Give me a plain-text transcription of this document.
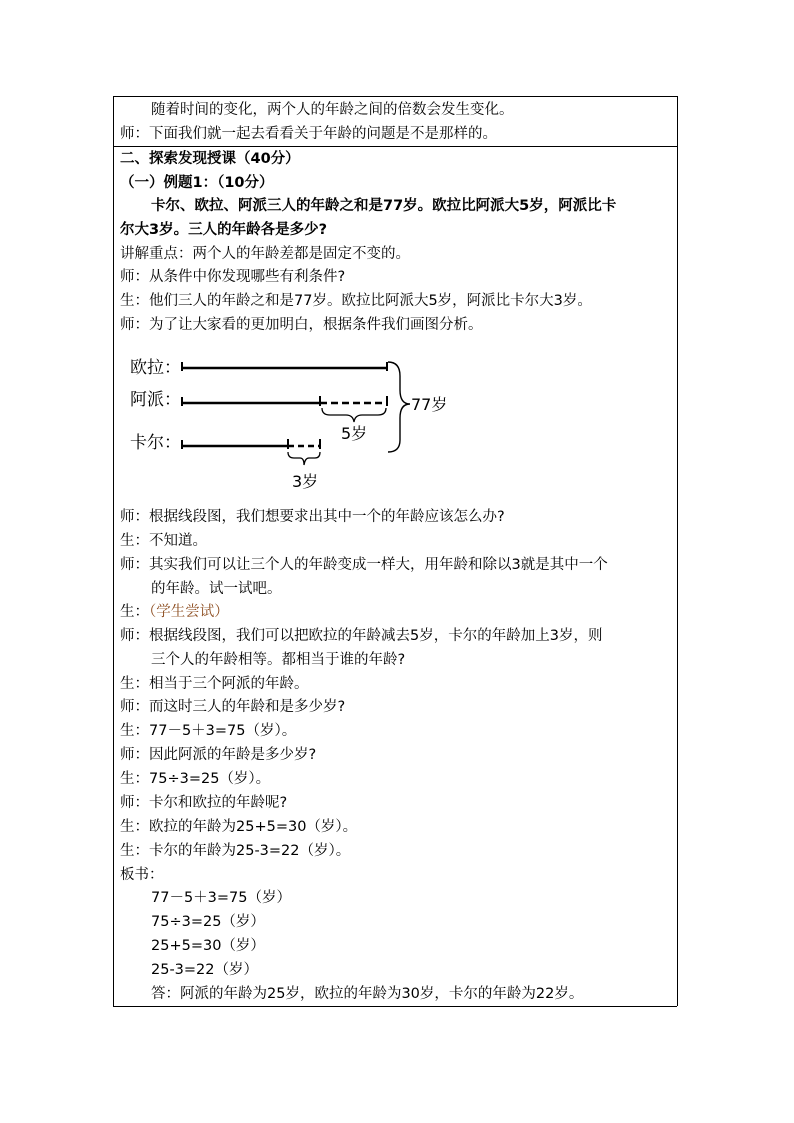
随着时间的变化，两个人的年龄之间的倍数会发生变化。
师：下面我们就一起去看看关于年龄的问题是不是那样的。
二、探索发现授课（40分）
（一）例题1：（10分）
卡尔、欧拉、阿派三人的年龄之和是77岁。欧拉比阿派大5岁，阿派比卡
尔大3岁。三人的年龄各是多少?
讲解重点：两个人的年龄差都是固定不变的。
师：从条件中你发现哪些有利条件?
生：他们三人的年龄之和是77岁。欧拉比阿派大5岁，阿派比卡尔大3岁。
师：为了让大家看的更加明白，根据条件我们画图分析。
欧拉：
阿派：
卡尔：	5岁
3岁
77岁
师：根据线段图，我们想要求出其中一个的年龄应该怎么办?
生：不知道。
师：其实我们可以让三个人的年龄变成一样大，用年龄和除以3就是其中一个
的年龄。试一试吧。
生：（学生尝试）
师：根据线段图，我们可以把欧拉的年龄减去5岁，卡尔的年龄加上3岁，则
三个人的年龄相等。都相当于谁的年龄?
生：相当于三个阿派的年龄。
师：而这时三人的年龄和是多少岁?
生：77－5＋3=75（岁）。
师：因此阿派的年龄是多少岁?
生：75÷3=25（岁）。
师：卡尔和欧拉的年龄呢?
生：欧拉的年龄为25+5=30（岁）。
生：卡尔的年龄为25-3=22（岁）。
板书：
77－5＋3=75（岁）
75÷3=25（岁）
25+5=30（岁）
25-3=22（岁）
答：阿派的年龄为25岁，欧拉的年龄为30岁，卡尔的年龄为22岁。
